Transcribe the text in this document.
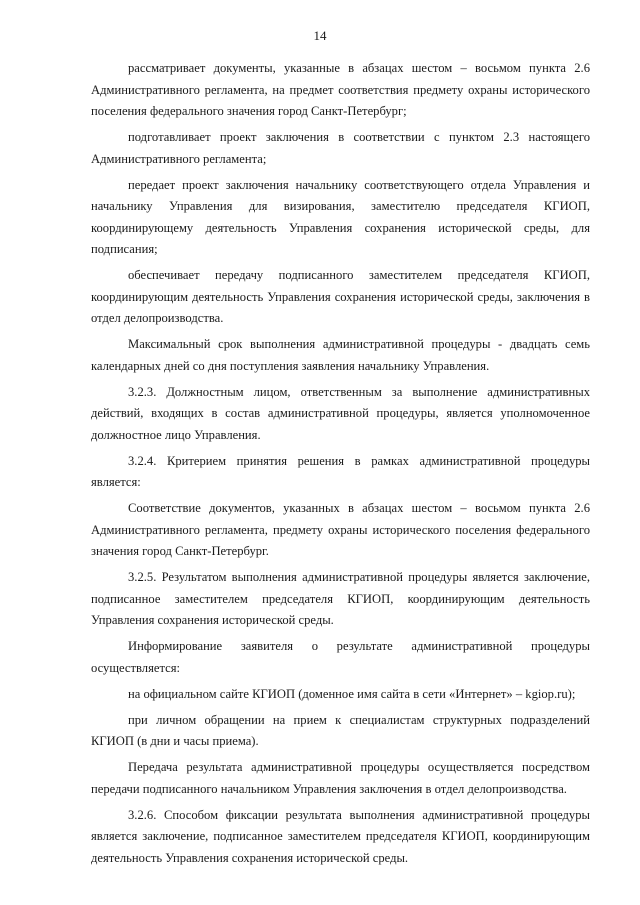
14

рассматривает документы, указанные в абзацах шестом – восьмом пункта 2.6 Административного регламента, на предмет соответствия предмету охраны исторического поселения федерального значения город Санкт-Петербург;

подготавливает проект заключения в соответствии с пунктом 2.3 настоящего Административного регламента;

передает проект заключения начальнику соответствующего отдела Управления и начальнику Управления для визирования, заместителю председателя КГИОП, координирующему деятельность Управления сохранения исторической среды, для подписания;

обеспечивает передачу подписанного заместителем председателя КГИОП, координирующим деятельность Управления сохранения исторической среды, заключения в отдел делопроизводства.

Максимальный срок выполнения административной процедуры - двадцать семь календарных дней со дня поступления заявления начальнику Управления.

3.2.3. Должностным лицом, ответственным за выполнение административных действий, входящих в состав административной процедуры, является уполномоченное должностное лицо Управления.

3.2.4. Критерием принятия решения в рамках административной процедуры является:

Соответствие документов, указанных в абзацах шестом – восьмом пункта 2.6 Административного регламента, предмету охраны исторического поселения федерального значения город Санкт-Петербург.

3.2.5. Результатом выполнения административной процедуры является заключение, подписанное заместителем председателя КГИОП, координирующим деятельность Управления сохранения исторической среды.

Информирование заявителя о результате административной процедуры осуществляется:

на официальном сайте КГИОП (доменное имя сайта в сети «Интернет» – kgiop.ru);

при личном обращении на прием к специалистам структурных подразделений КГИОП (в дни и часы приема).

Передача результата административной процедуры осуществляется посредством передачи подписанного начальником Управления заключения в отдел делопроизводства.

3.2.6. Способом фиксации результата выполнения административной процедуры является заключение, подписанное заместителем председателя КГИОП, координирующим деятельность Управления сохранения исторической среды.
